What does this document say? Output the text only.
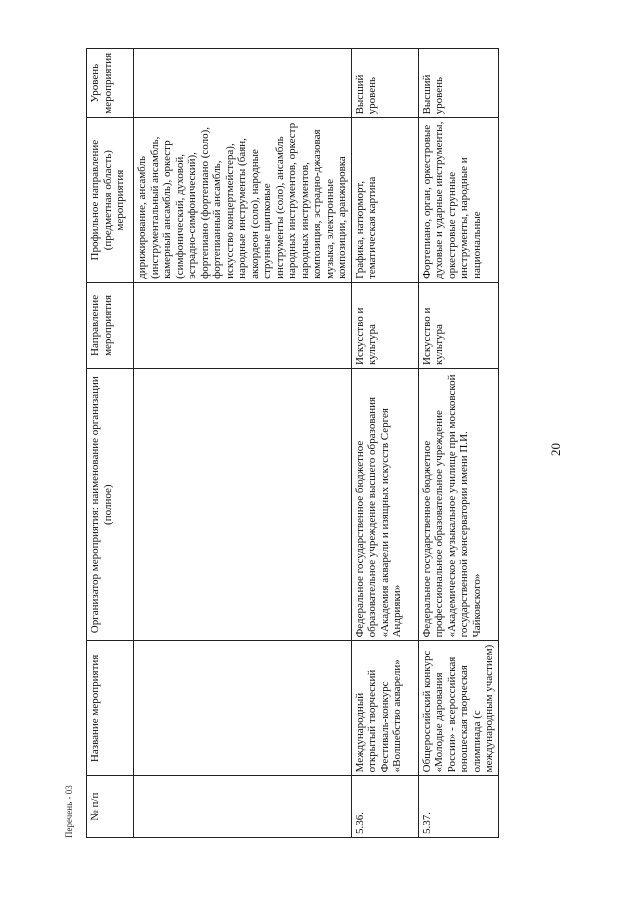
20
№ п/п	Название мероприятия	Организатор мероприятия: наименование организации (полное)	Направление мероприятия	Профильное направление (предметная область) мероприятия	Уровень мероприятия
				дирижирование, ансамбль (инструментальный ансамбль, камерный ансамбль), оркестр (симфонический, духовой, эстрадно-симфонический), фортепиано (фортепиано (соло), фортепианный ансамбль, искусство концертмейстера), народные инструменты (баян, аккордеон (соло), народные струнные щипковые инструменты (соло), ансамбль народных инструментов, оркестр народных инструментов, композиция, эстрадно-джазовая музыка, электронные композиции, аранжировка	
5.36.	Международный открытый творческий Фестиваль-конкурс «Волшебство акварели»	Федеральное государственное бюджетное образовательное учреждение высшего образования «Академия акварели и изящных искусств Сергея Андрияки»	Искусство и культура	Графика, натюрморт, тематическая картина	Высший уровень
5.37.	Общероссийский конкурс «Молодые дарования России» - всероссийская юношеская творческая олимпиада (с международным участием)	Федеральное государственное бюджетное профессиональное образовательное учреждение «Академическое музыкальное училище при московской государственной консерватории имени П.И. Чайковского»	Искусство и культура	Фортепиано, орган, оркестровые духовые и ударные инструменты, оркестровые струнные инструменты, народные и национальные	Высший уровень
Перечень - 03
